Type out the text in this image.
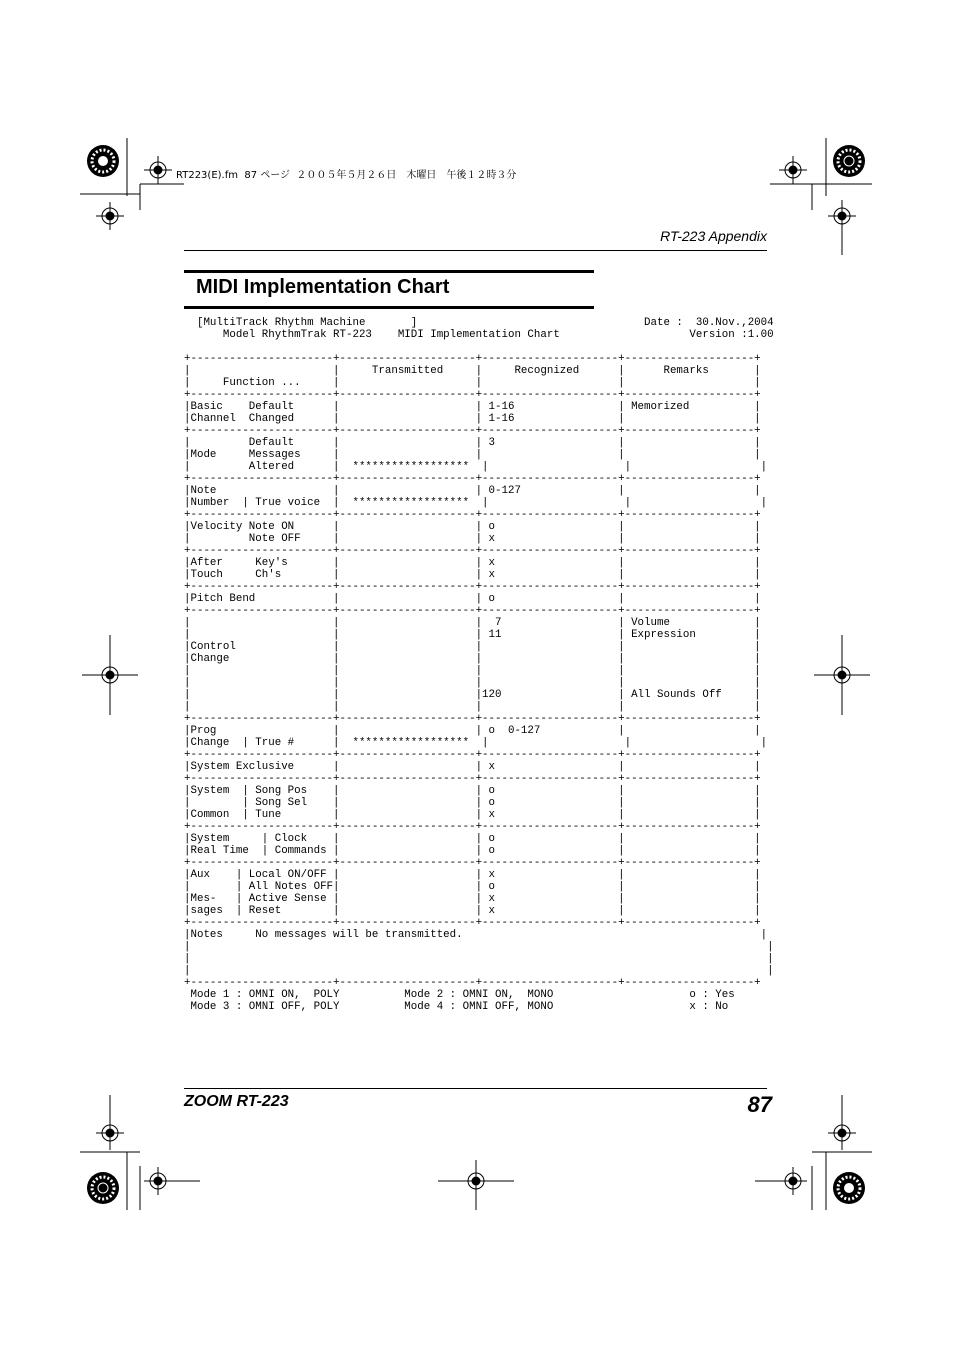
RT223(E).fm  87 ページ  ２００５年５月２６日　木曜日　午後１２時３分
RT-223 Appendix
MIDI Implementation Chart
[MultiTrack Rhythm Machine       ]                                   Date :  30.Nov.,2004
Model RhythmTrak RT-223    MIDI Implementation Chart                    Version :1.00

+----------------------+---------------------+---------------------+--------------------+
|                      |     Transmitted     |     Recognized      |      Remarks       |
|     Function ...     |                     |                     |                    |
+----------------------+---------------------+---------------------+--------------------+
|Basic    Default      |                     | 1-16                | Memorized          |
|Channel  Changed      |                     | 1-16                |                    |
+----------------------+---------------------+---------------------+--------------------+
|         Default      |                     | 3                   |                    |
|Mode     Messages     |                     |                     |                    |
|         Altered      |  ******************  |                     |                    |
+----------------------+---------------------+---------------------+--------------------+
|Note                  |                     | 0-127               |                    |
|Number  | True voice  |  ******************  |                     |                    |
+----------------------+---------------------+---------------------+--------------------+
|Velocity Note ON      |                     | o                   |                    |
|         Note OFF     |                     | x                   |                    |
+----------------------+---------------------+---------------------+--------------------+
|After     Key's       |                     | x                   |                    |
|Touch     Ch's        |                     | x                   |                    |
+----------------------+---------------------+---------------------+--------------------+
|Pitch Bend            |                     | o                   |                    |
+----------------------+---------------------+---------------------+--------------------+
|                      |                     |  7                  | Volume             |
|                      |                     | 11                  | Expression         |
|Control               |                     |                     |                    |
|Change                |                     |                     |                    |
|                      |                     |                     |                    |
|                      |                     |                     |                    |
|                      |                     |120                  | All Sounds Off     |
|                      |                     |                     |                    |
+----------------------+---------------------+---------------------+--------------------+
|Prog                  |                     | o  0-127            |                    |
|Change  | True #      |  ******************  |                     |                    |
+----------------------+---------------------+---------------------+--------------------+
|System Exclusive      |                     | x                   |                    |
+----------------------+---------------------+---------------------+--------------------+
|System  | Song Pos    |                     | o                   |                    |
|        | Song Sel    |                     | o                   |                    |
|Common  | Tune        |                     | x                   |                    |
+----------------------+---------------------+---------------------+--------------------+
|System     | Clock    |                     | o                   |                    |
|Real Time  | Commands |                     | o                   |                    |
+----------------------+---------------------+---------------------+--------------------+
|Aux    | Local ON/OFF |                     | x                   |                    |
|       | All Notes OFF|                     | o                   |                    |
|Mes-   | Active Sense |                     | x                   |                    |
|sages  | Reset        |                     | x                   |                    |
+----------------------+---------------------+---------------------+--------------------+
|Notes     No messages will be transmitted.                                              |
|                                                                                         |
|                                                                                         |
|                                                                                         |
+----------------------+---------------------+---------------------+--------------------+
Mode 1 : OMNI ON,  POLY          Mode 2 : OMNI ON,  MONO                     o : Yes
Mode 3 : OMNI OFF, POLY          Mode 4 : OMNI OFF, MONO                     x : No
ZOOM RT-223	87
